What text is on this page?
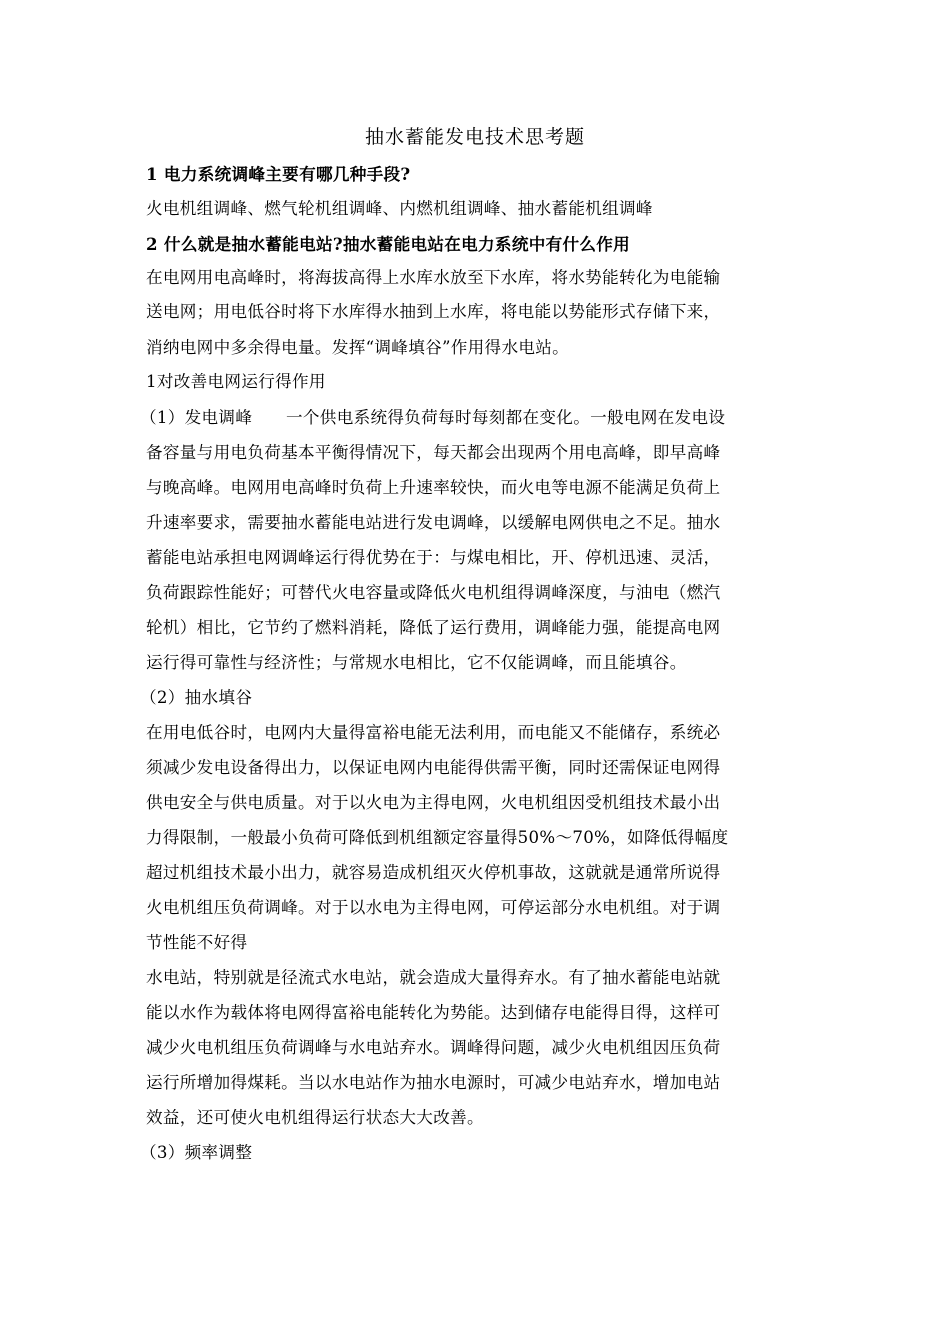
抽水蓄能发电技术思考题
1 电力系统调峰主要有哪几种手段?
火电机组调峰、燃气轮机组调峰、内燃机组调峰、抽水蓄能机组调峰
2 什么就是抽水蓄能电站?抽水蓄能电站在电力系统中有什么作用
在电网用电高峰时，将海拔高得上水库水放至下水库，将水势能转化为电能输
送电网；用电低谷时将下水库得水抽到上水库，将电能以势能形式存储下来，
消纳电网中多余得电量。发挥“调峰填谷”作用得水电站。
1对改善电网运行得作用
（1）发电调峰　　一个供电系统得负荷每时每刻都在变化。一般电网在发电设
备容量与用电负荷基本平衡得情况下，每天都会出现两个用电高峰，即早高峰
与晚高峰。电网用电高峰时负荷上升速率较快，而火电等电源不能满足负荷上
升速率要求，需要抽水蓄能电站进行发电调峰，以缓解电网供电之不足。抽水
蓄能电站承担电网调峰运行得优势在于：与煤电相比，开、停机迅速、灵活，
负荷跟踪性能好；可替代火电容量或降低火电机组得调峰深度，与油电（燃汽
轮机）相比，它节约了燃料消耗，降低了运行费用，调峰能力强，能提高电网
运行得可靠性与经济性；与常规水电相比，它不仅能调峰，而且能填谷。
（2）抽水填谷
在用电低谷时，电网内大量得富裕电能无法利用，而电能又不能储存，系统必
须减少发电设备得出力，以保证电网内电能得供需平衡，同时还需保证电网得
供电安全与供电质量。对于以火电为主得电网，火电机组因受机组技术最小出
力得限制，一般最小负荷可降低到机组额定容量得50%～70%，如降低得幅度
超过机组技术最小出力，就容易造成机组灭火停机事故，这就就是通常所说得
火电机组压负荷调峰。对于以水电为主得电网，可停运部分水电机组。对于调
节性能不好得
水电站，特别就是径流式水电站，就会造成大量得弃水。有了抽水蓄能电站就
能以水作为载体将电网得富裕电能转化为势能。达到储存电能得目得，这样可
减少火电机组压负荷调峰与水电站弃水。调峰得问题，减少火电机组因压负荷
运行所增加得煤耗。当以水电站作为抽水电源时，可减少电站弃水，增加电站
效益，还可使火电机组得运行状态大大改善。
（3）频率调整
